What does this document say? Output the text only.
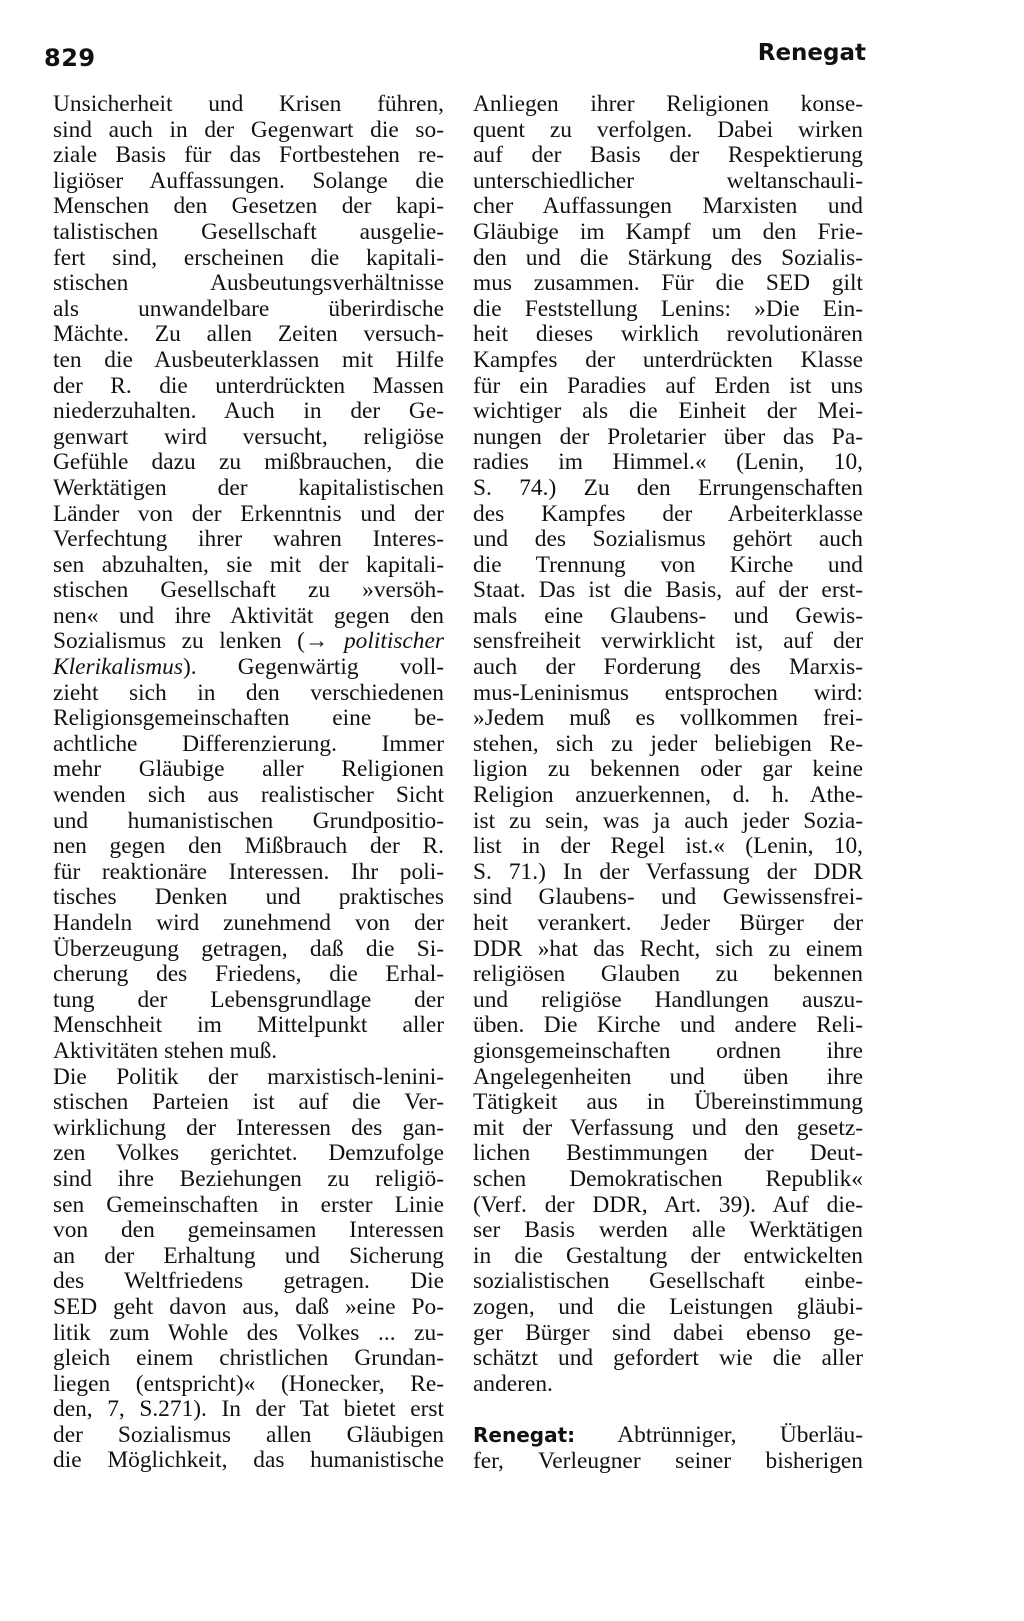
829	Renegat
Unsicherheit und Krisen führen,
sind auch in der Gegenwart die so-
ziale Basis für das Fortbestehen re-
ligiöser Auffassungen. Solange die
Menschen den Gesetzen der kapi-
talistischen Gesellschaft ausgelie-
fert sind, erscheinen die kapitali-
stischen Ausbeutungsverhältnisse
als unwandelbare überirdische
Mächte. Zu allen Zeiten versuch-
ten die Ausbeuterklassen mit Hilfe
der R. die unterdrückten Massen
niederzuhalten. Auch in der Ge-
genwart wird versucht, religiöse
Gefühle dazu zu mißbrauchen, die
Werktätigen der kapitalistischen
Länder von der Erkenntnis und der
Verfechtung ihrer wahren Interes-
sen abzuhalten, sie mit der kapitali-
stischen Gesellschaft zu »versöh-
nen« und ihre Aktivität gegen den
Sozialismus zu lenken (→ politischer
Klerikalismus). Gegenwärtig voll-
zieht sich in den verschiedenen
Religionsgemeinschaften eine be-
achtliche Differenzierung. Immer
mehr Gläubige aller Religionen
wenden sich aus realistischer Sicht
und humanistischen Grundpositio-
nen gegen den Mißbrauch der R.
für reaktionäre Interessen. Ihr poli-
tisches Denken und praktisches
Handeln wird zunehmend von der
Überzeugung getragen, daß die Si-
cherung des Friedens, die Erhal-
tung der Lebensgrundlage der
Menschheit im Mittelpunkt aller
Aktivitäten stehen muß.
Die Politik der marxistisch-lenini-
stischen Parteien ist auf die Ver-
wirklichung der Interessen des gan-
zen Volkes gerichtet. Demzufolge
sind ihre Beziehungen zu religiö-
sen Gemeinschaften in erster Linie
von den gemeinsamen Interessen
an der Erhaltung und Sicherung
des Weltfriedens getragen. Die
SED geht davon aus, daß »eine Po-
litik zum Wohle des Volkes ... zu-
gleich einem christlichen Grundan-
liegen (entspricht)« (Honecker, Re-
den, 7, S.271). In der Tat bietet erst
der Sozialismus allen Gläubigen
die Möglichkeit, das humanistische
Anliegen ihrer Religionen konse-
quent zu verfolgen. Dabei wirken
auf der Basis der Respektierung
unterschiedlicher weltanschauli-
cher Auffassungen Marxisten und
Gläubige im Kampf um den Frie-
den und die Stärkung des Sozialis-
mus zusammen. Für die SED gilt
die Feststellung Lenins: »Die Ein-
heit dieses wirklich revolutionären
Kampfes der unterdrückten Klasse
für ein Paradies auf Erden ist uns
wichtiger als die Einheit der Mei-
nungen der Proletarier über das Pa-
radies im Himmel.« (Lenin, 10,
S. 74.) Zu den Errungenschaften
des Kampfes der Arbeiterklasse
und des Sozialismus gehört auch
die Trennung von Kirche und
Staat. Das ist die Basis, auf der erst-
mals eine Glaubens- und Gewis-
sensfreiheit verwirklicht ist, auf der
auch der Forderung des Marxis-
mus-Leninismus entsprochen wird:
»Jedem muß es vollkommen frei-
stehen, sich zu jeder beliebigen Re-
ligion zu bekennen oder gar keine
Religion anzuerkennen, d. h. Athe-
ist zu sein, was ja auch jeder Sozia-
list in der Regel ist.« (Lenin, 10,
S. 71.) In der Verfassung der DDR
sind Glaubens- und Gewissensfrei-
heit verankert. Jeder Bürger der
DDR »hat das Recht, sich zu einem
religiösen Glauben zu bekennen
und religiöse Handlungen auszu-
üben. Die Kirche und andere Reli-
gionsgemeinschaften ordnen ihre
Angelegenheiten und üben ihre
Tätigkeit aus in Übereinstimmung
mit der Verfassung und den gesetz-
lichen Bestimmungen der Deut-
schen Demokratischen Republik«
(Verf. der DDR, Art. 39). Auf die-
ser Basis werden alle Werktätigen
in die Gestaltung der entwickelten
sozialistischen Gesellschaft einbe-
zogen, und die Leistungen gläubi-
ger Bürger sind dabei ebenso ge-
schätzt und gefordert wie die aller
anderen.
Renegat: Abtrünniger, Überläu-
fer, Verleugner seiner bisherigen
